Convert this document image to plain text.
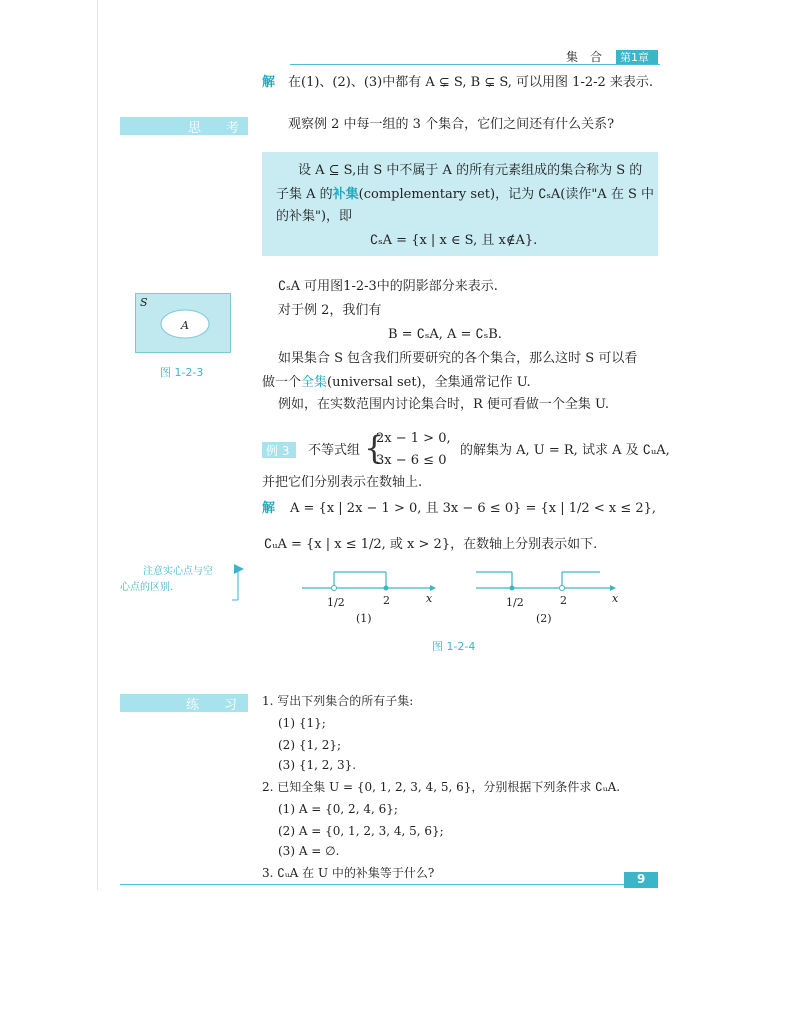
集　合 第1章
解 在(1)、(2)、(3)中都有 A ⊊ S, B ⊊ S, 可以用图 1-2-2 来表示.
思　考	观察例 2 中每一组的 3 个集合，它们之间还有什么关系?
设 A ⊆ S,由 S 中不属于 A 的所有元素组成的集合称为 S 的
子集 A 的补集(complementary set)，记为 ∁ₛA(读作"A 在 S 中
的补集")，即
∁ₛA = {x | x ∈ S, 且 x∉A}.
S
A
图 1-2-3
∁ₛA 可用图1-2-3中的阴影部分来表示.
对于例 2，我们有
B = ∁ₛA, A = ∁ₛB.
如果集合 S 包含我们所要研究的各个集合，那么这时 S 可以看
做一个全集(universal set)，全集通常记作 U.
例如，在实数范围内讨论集合时，R 便可看做一个全集 U.
例 3 不等式组 {
2x − 1 > 0,
3x − 6 ≤ 0
的解集为 A, U = R, 试求 A 及 ∁ᵤA,
并把它们分别表示在数轴上.
解 A = {x | 2x − 1 > 0, 且 3x − 6 ≤ 0} = {x | 1/2 < x ≤ 2},
∁ᵤA = {x | x ≤ 1/2, 或 x > 2}，在数轴上分别表示如下.
注意实心点与空
心点的区别.
1/2	2	x	1/2	2	x
(1)	(2)
图 1-2-4
练　习 1. 写出下列集合的所有子集:
(1) {1};
(2) {1, 2};
(3) {1, 2, 3}.
2. 已知全集 U = {0, 1, 2, 3, 4, 5, 6}，分别根据下列条件求 ∁ᵤA.
(1) A = {0, 2, 4, 6};
(2) A = {0, 1, 2, 3, 4, 5, 6};
(3) A = ∅.
3. ∁ᵤA 在 U 中的补集等于什么?	9
